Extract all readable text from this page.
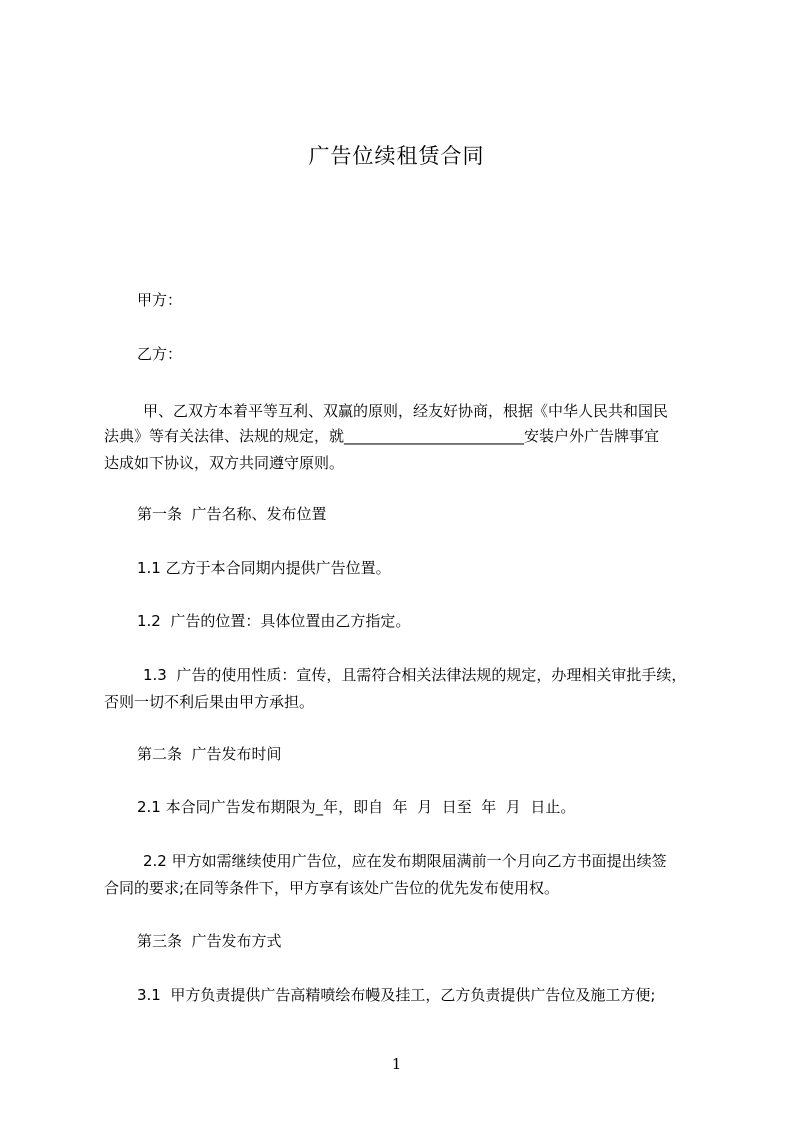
广告位续租赁合同
甲方：
乙方：
甲、乙双方本着平等互利、双赢的原则，经友好协商，根据《中华人民共和国民
法典》等有关法律、法规的规定，就________________________安装户外广告牌事宜
达成如下协议，双方共同遵守原则。
第一条  广告名称、发布位置
1.1 乙方于本合同期内提供广告位置。
1.2  广告的位置：具体位置由乙方指定。
1.3  广告的使用性质：宣传，且需符合相关法律法规的规定，办理相关审批手续，
否则一切不利后果由甲方承担。
第二条  广告发布时间
2.1 本合同广告发布期限为_年，即自  年  月  日至  年  月  日止。
2.2 甲方如需继续使用广告位，应在发布期限届满前一个月向乙方书面提出续签
合同的要求;在同等条件下，甲方享有该处广告位的优先发布使用权。
第三条  广告发布方式
3.1  甲方负责提供广告高精喷绘布幔及挂工，乙方负责提供广告位及施工方便;
1
